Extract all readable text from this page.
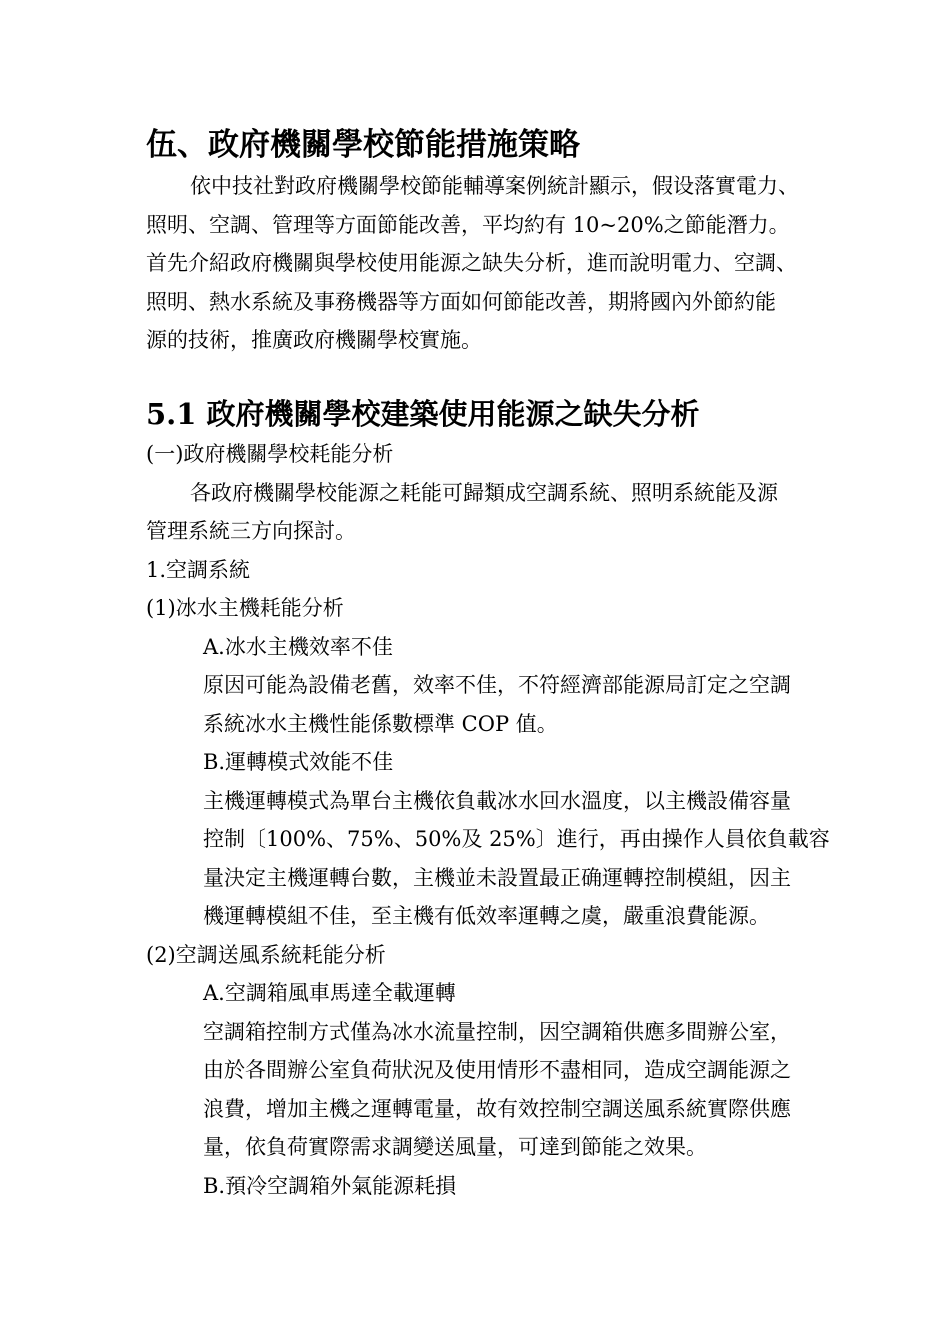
伍、政府機關學校節能措施策略
依中技社對政府機關學校節能輔導案例統計顯示，假设落實電力、
照明、空調、管理等方面節能改善，平均約有 10~20%之節能潛力。
首先介紹政府機關與學校使用能源之缺失分析，進而說明電力、空調、
照明、熱水系統及事務機器等方面如何節能改善，期將國內外節約能
源的技術，推廣政府機關學校實施。
5.1 政府機關學校建築使用能源之缺失分析
(一)政府機關學校耗能分析
各政府機關學校能源之耗能可歸類成空調系統、照明系統能及源
管理系統三方向探討。
1.空調系統
(1)冰水主機耗能分析
A.冰水主機效率不佳
原因可能為設備老舊，效率不佳，不符經濟部能源局訂定之空調
系統冰水主機性能係數標準 COP 值。
B.運轉模式效能不佳
主機運轉模式為單台主機依負載冰水回水溫度，以主機設備容量
控制〔100%、75%、50%及 25%〕進行，再由操作人員依負載容
量決定主機運轉台數，主機並未設置最正确運轉控制模組，因主
機運轉模組不佳，至主機有低效率運轉之虞，嚴重浪費能源。
(2)空調送風系統耗能分析
A.空調箱風車馬達全載運轉
空調箱控制方式僅為冰水流量控制，因空調箱供應多間辦公室，
由於各間辦公室負荷狀況及使用情形不盡相同，造成空調能源之
浪費，增加主機之運轉電量，故有效控制空調送風系統實際供應
量，依負荷實際需求調變送風量，可達到節能之效果。
B.預冷空調箱外氣能源耗損
